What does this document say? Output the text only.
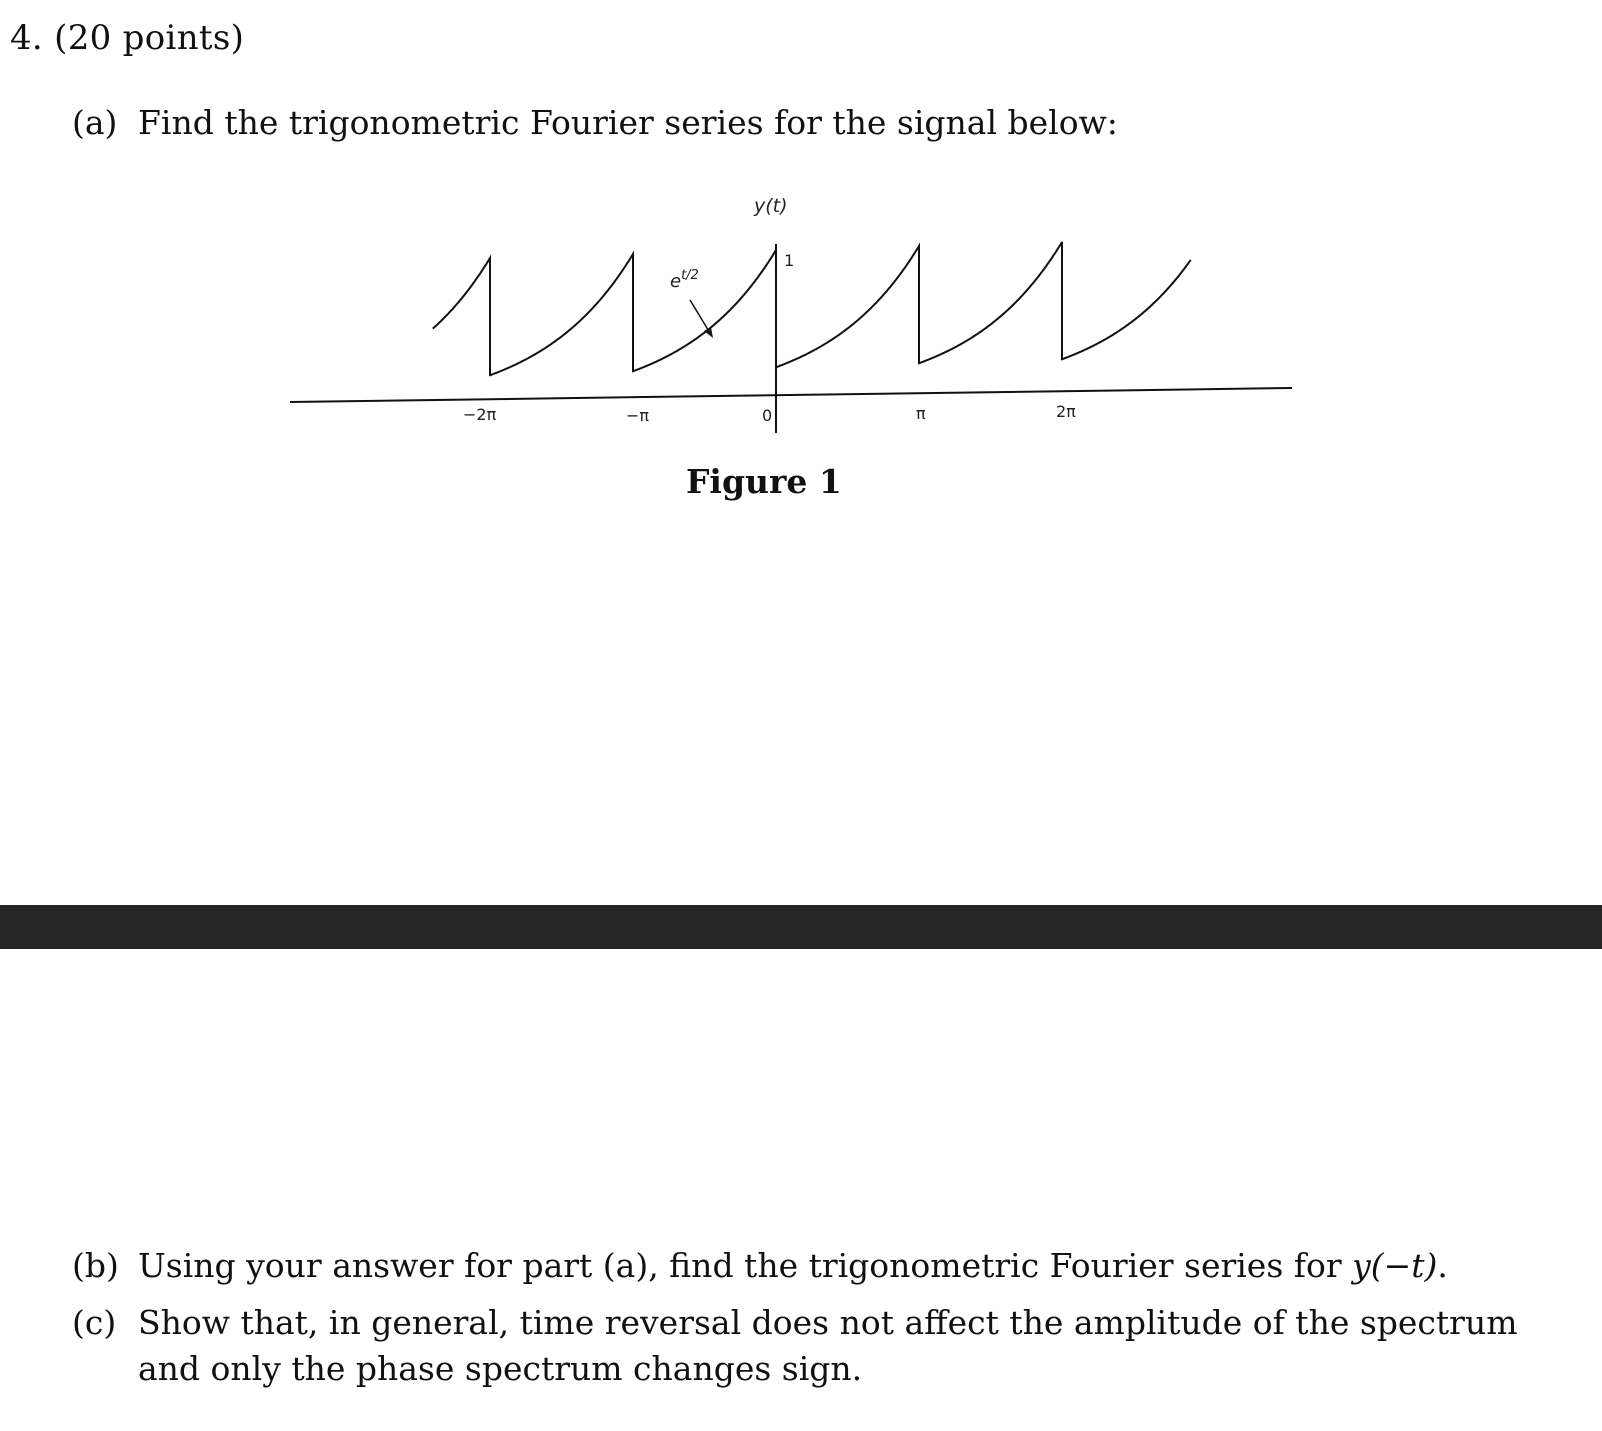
4. (20 points)
(a) Find the trigonometric Fourier series for the signal below:
y(t)
1
$e^{t/2}$
−2π	−π	0	π	2π
Figure 1
(b) Using your answer for part (a), find the trigonometric Fourier series for y(−t).
(c) Show that, in general, time reversal does not affect the amplitude of the spectrum and only the phase spectrum changes sign.
